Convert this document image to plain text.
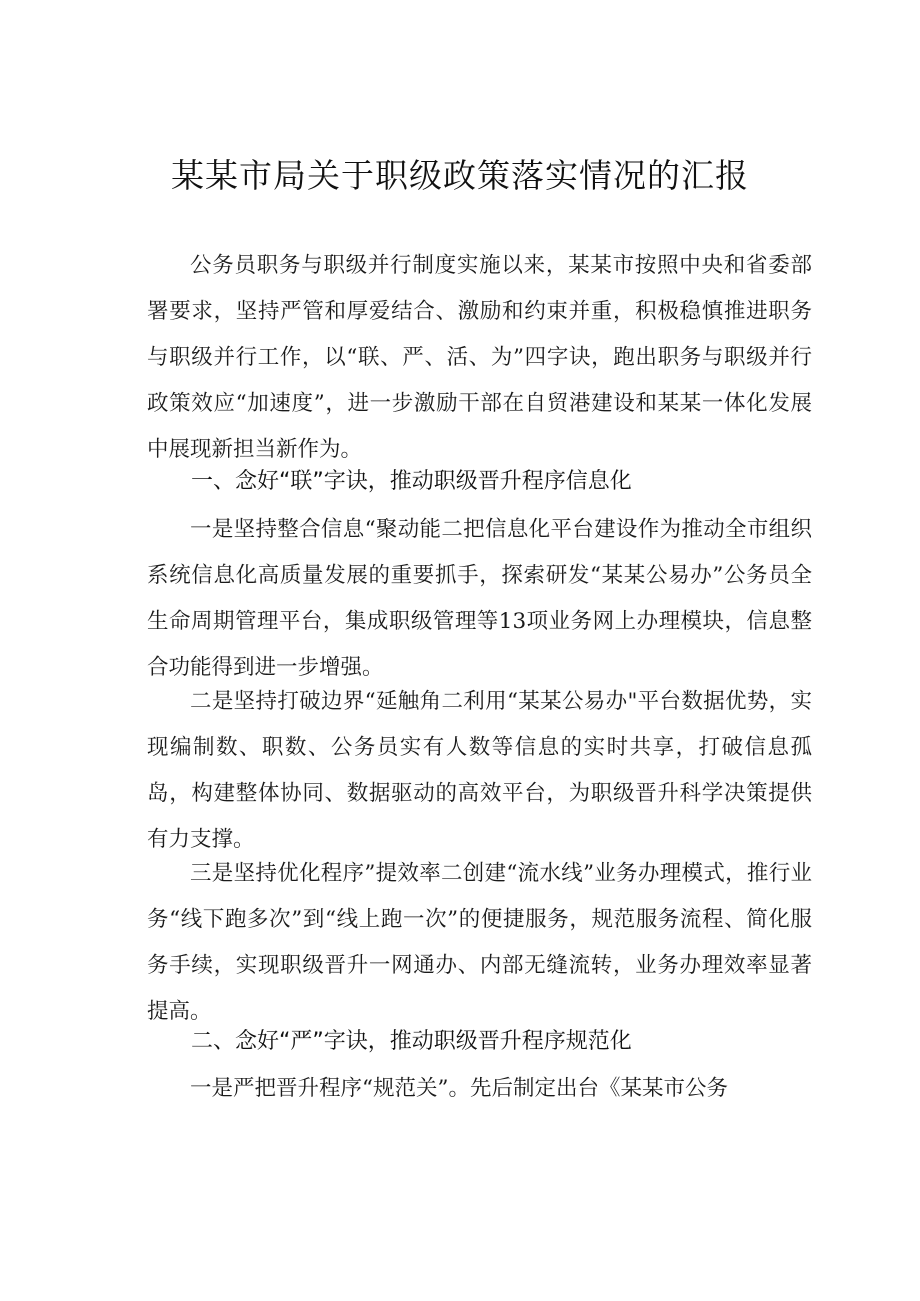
某某市局关于职级政策落实情况的汇报

公务员职务与职级并行制度实施以来，某某市按照中央和省委部署要求，坚持严管和厚爱结合、激励和约束并重，积极稳慎推进职务与职级并行工作，以“联、严、活、为”四字诀，跑出职务与职级并行政策效应“加速度”，进一步激励干部在自贸港建设和某某一体化发展中展现新担当新作为。

一、念好“联”字诀，推动职级晋升程序信息化

一是坚持整合信息“聚动能二把信息化平台建设作为推动全市组织系统信息化高质量发展的重要抓手，探索研发“某某公易办”公务员全生命周期管理平台，集成职级管理等13项业务网上办理模块，信息整合功能得到进一步增强。

二是坚持打破边界“延触角二利用“某某公易办"平台数据优势，实现编制数、职数、公务员实有人数等信息的实时共享，打破信息孤岛，构建整体协同、数据驱动的高效平台，为职级晋升科学决策提供有力支撑。

三是坚持优化程序”提效率二创建“流水线”业务办理模式，推行业务“线下跑多次”到“线上跑一次”的便捷服务，规范服务流程、简化服务手续，实现职级晋升一网通办、内部无缝流转，业务办理效率显著提高。

二、念好“严”字诀，推动职级晋升程序规范化

一是严把晋升程序“规范关”。先后制定出台《某某市公务
